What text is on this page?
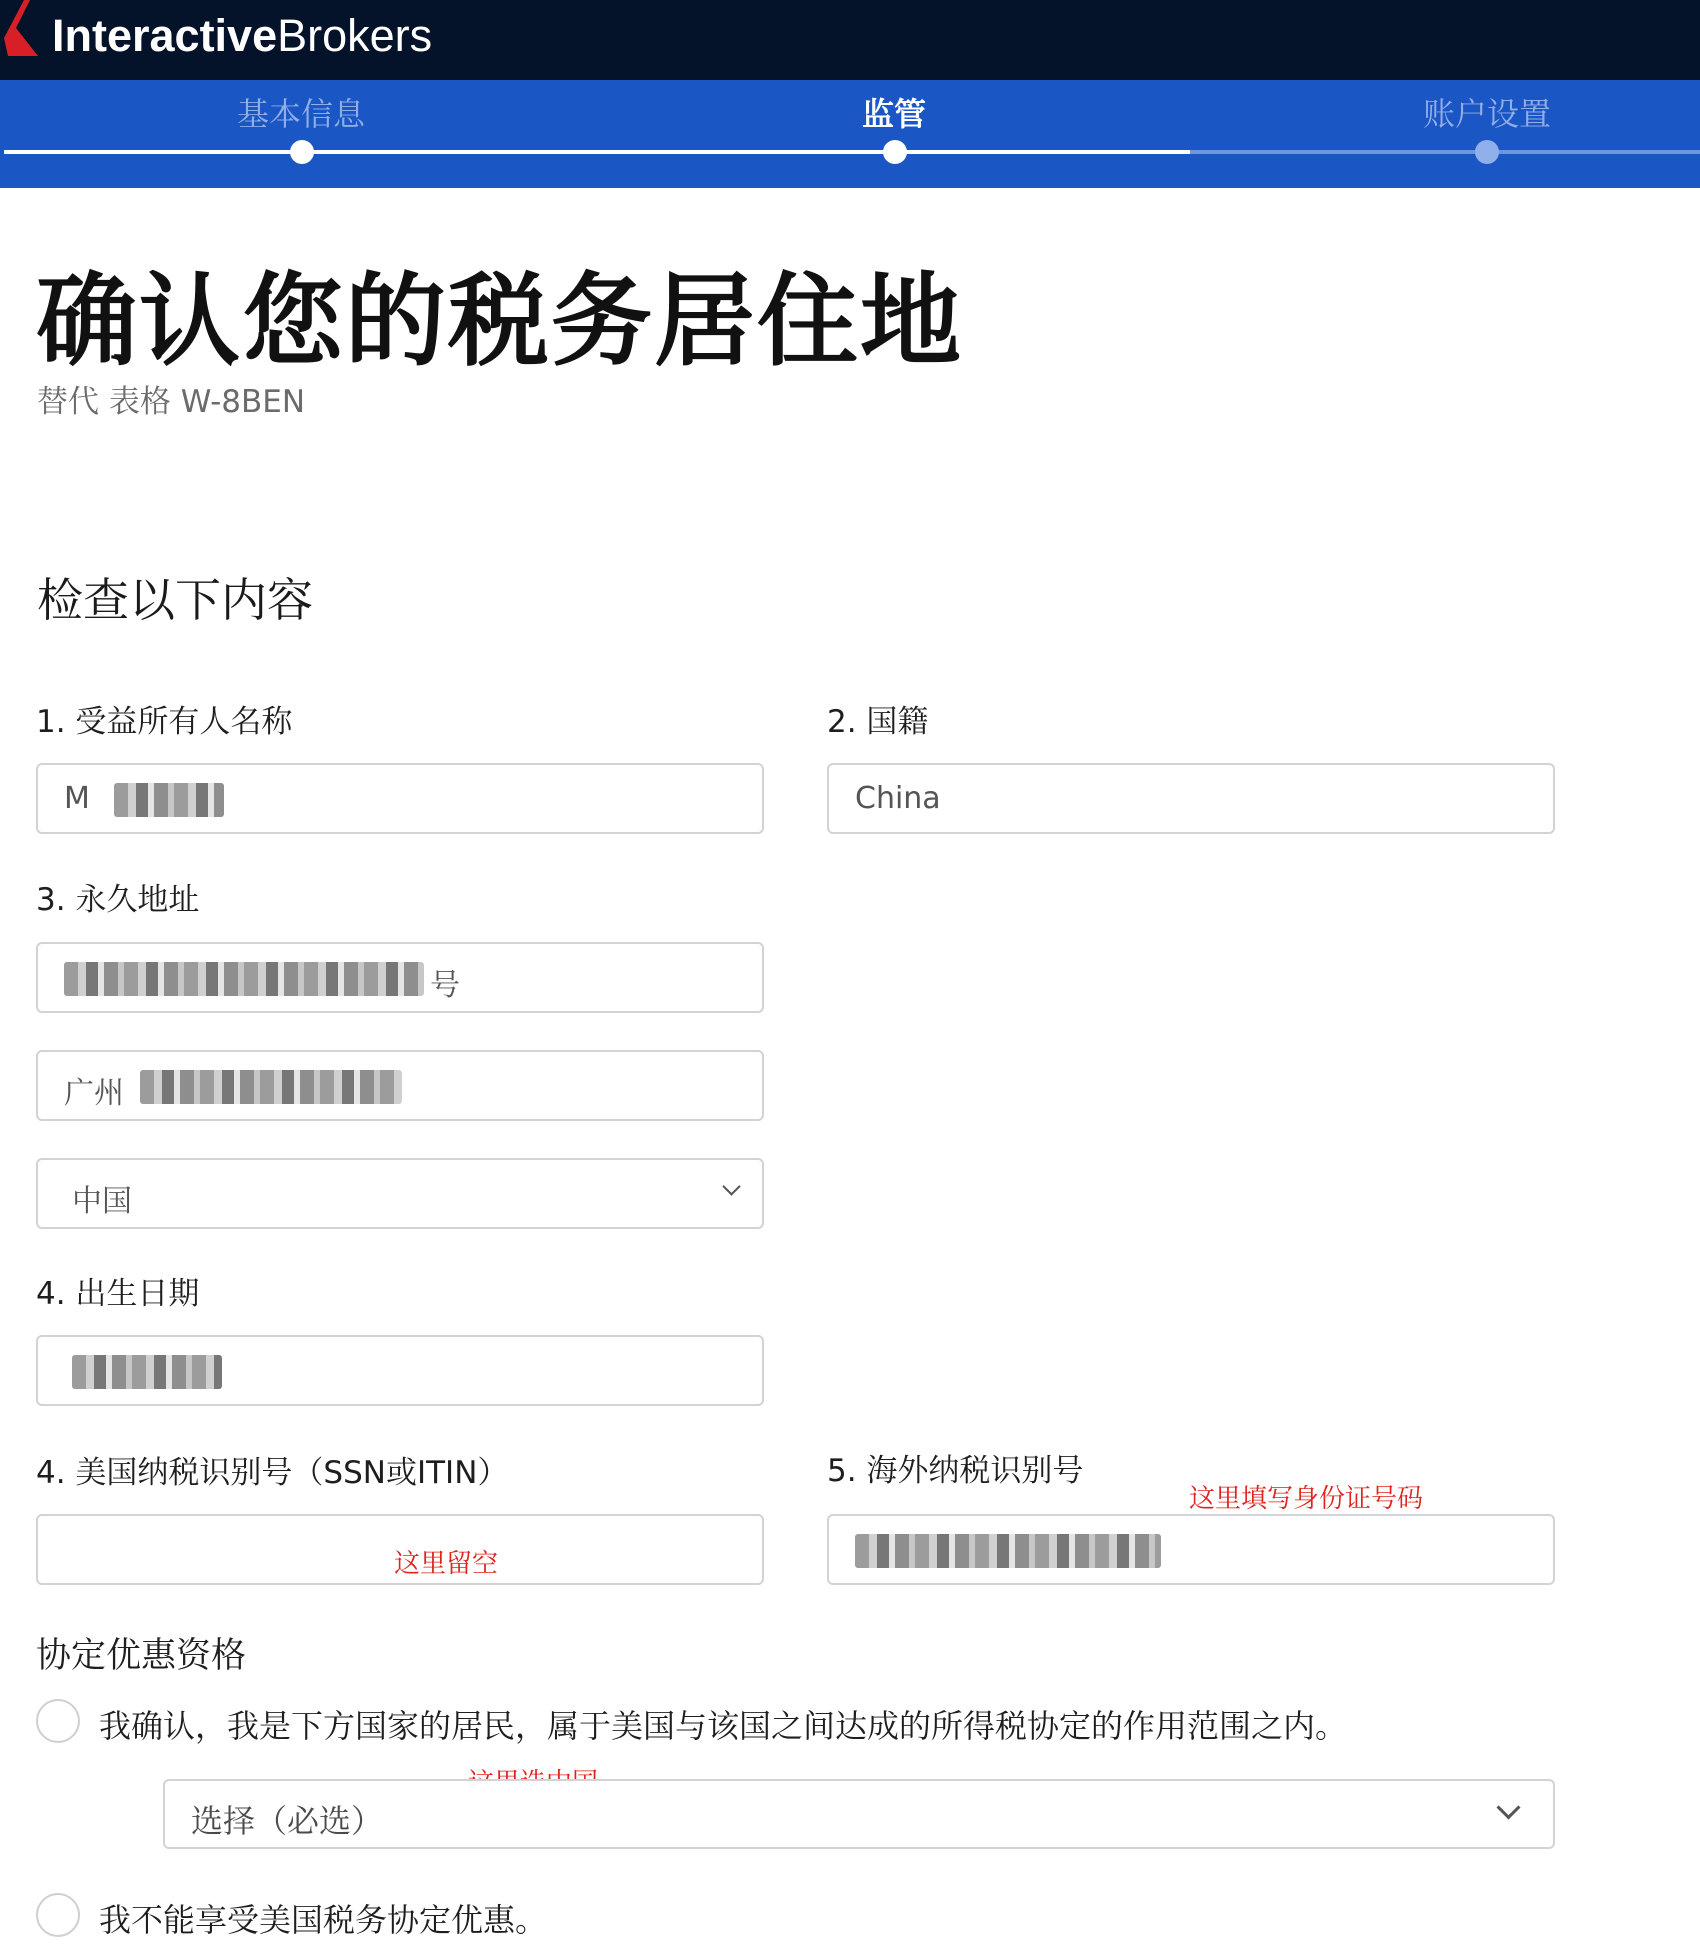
InteractiveBrokers
基本信息	监管	账户设置
确认您的税务居住地
替代 表格 W-8BEN
检查以下内容
1. 受益所有人名称
M
2. 国籍
China
3. 永久地址
号
广州
中国
4. 出生日期
4. 美国纳税识别号（SSN或ITIN）
这里留空
5. 海外纳税识别号
这里填写身份证号码
协定优惠资格
我确认，我是下方国家的居民，属于美国与该国之间达成的所得税协定的作用范围之内。
选择（必选）
我不能享受美国税务协定优惠。
